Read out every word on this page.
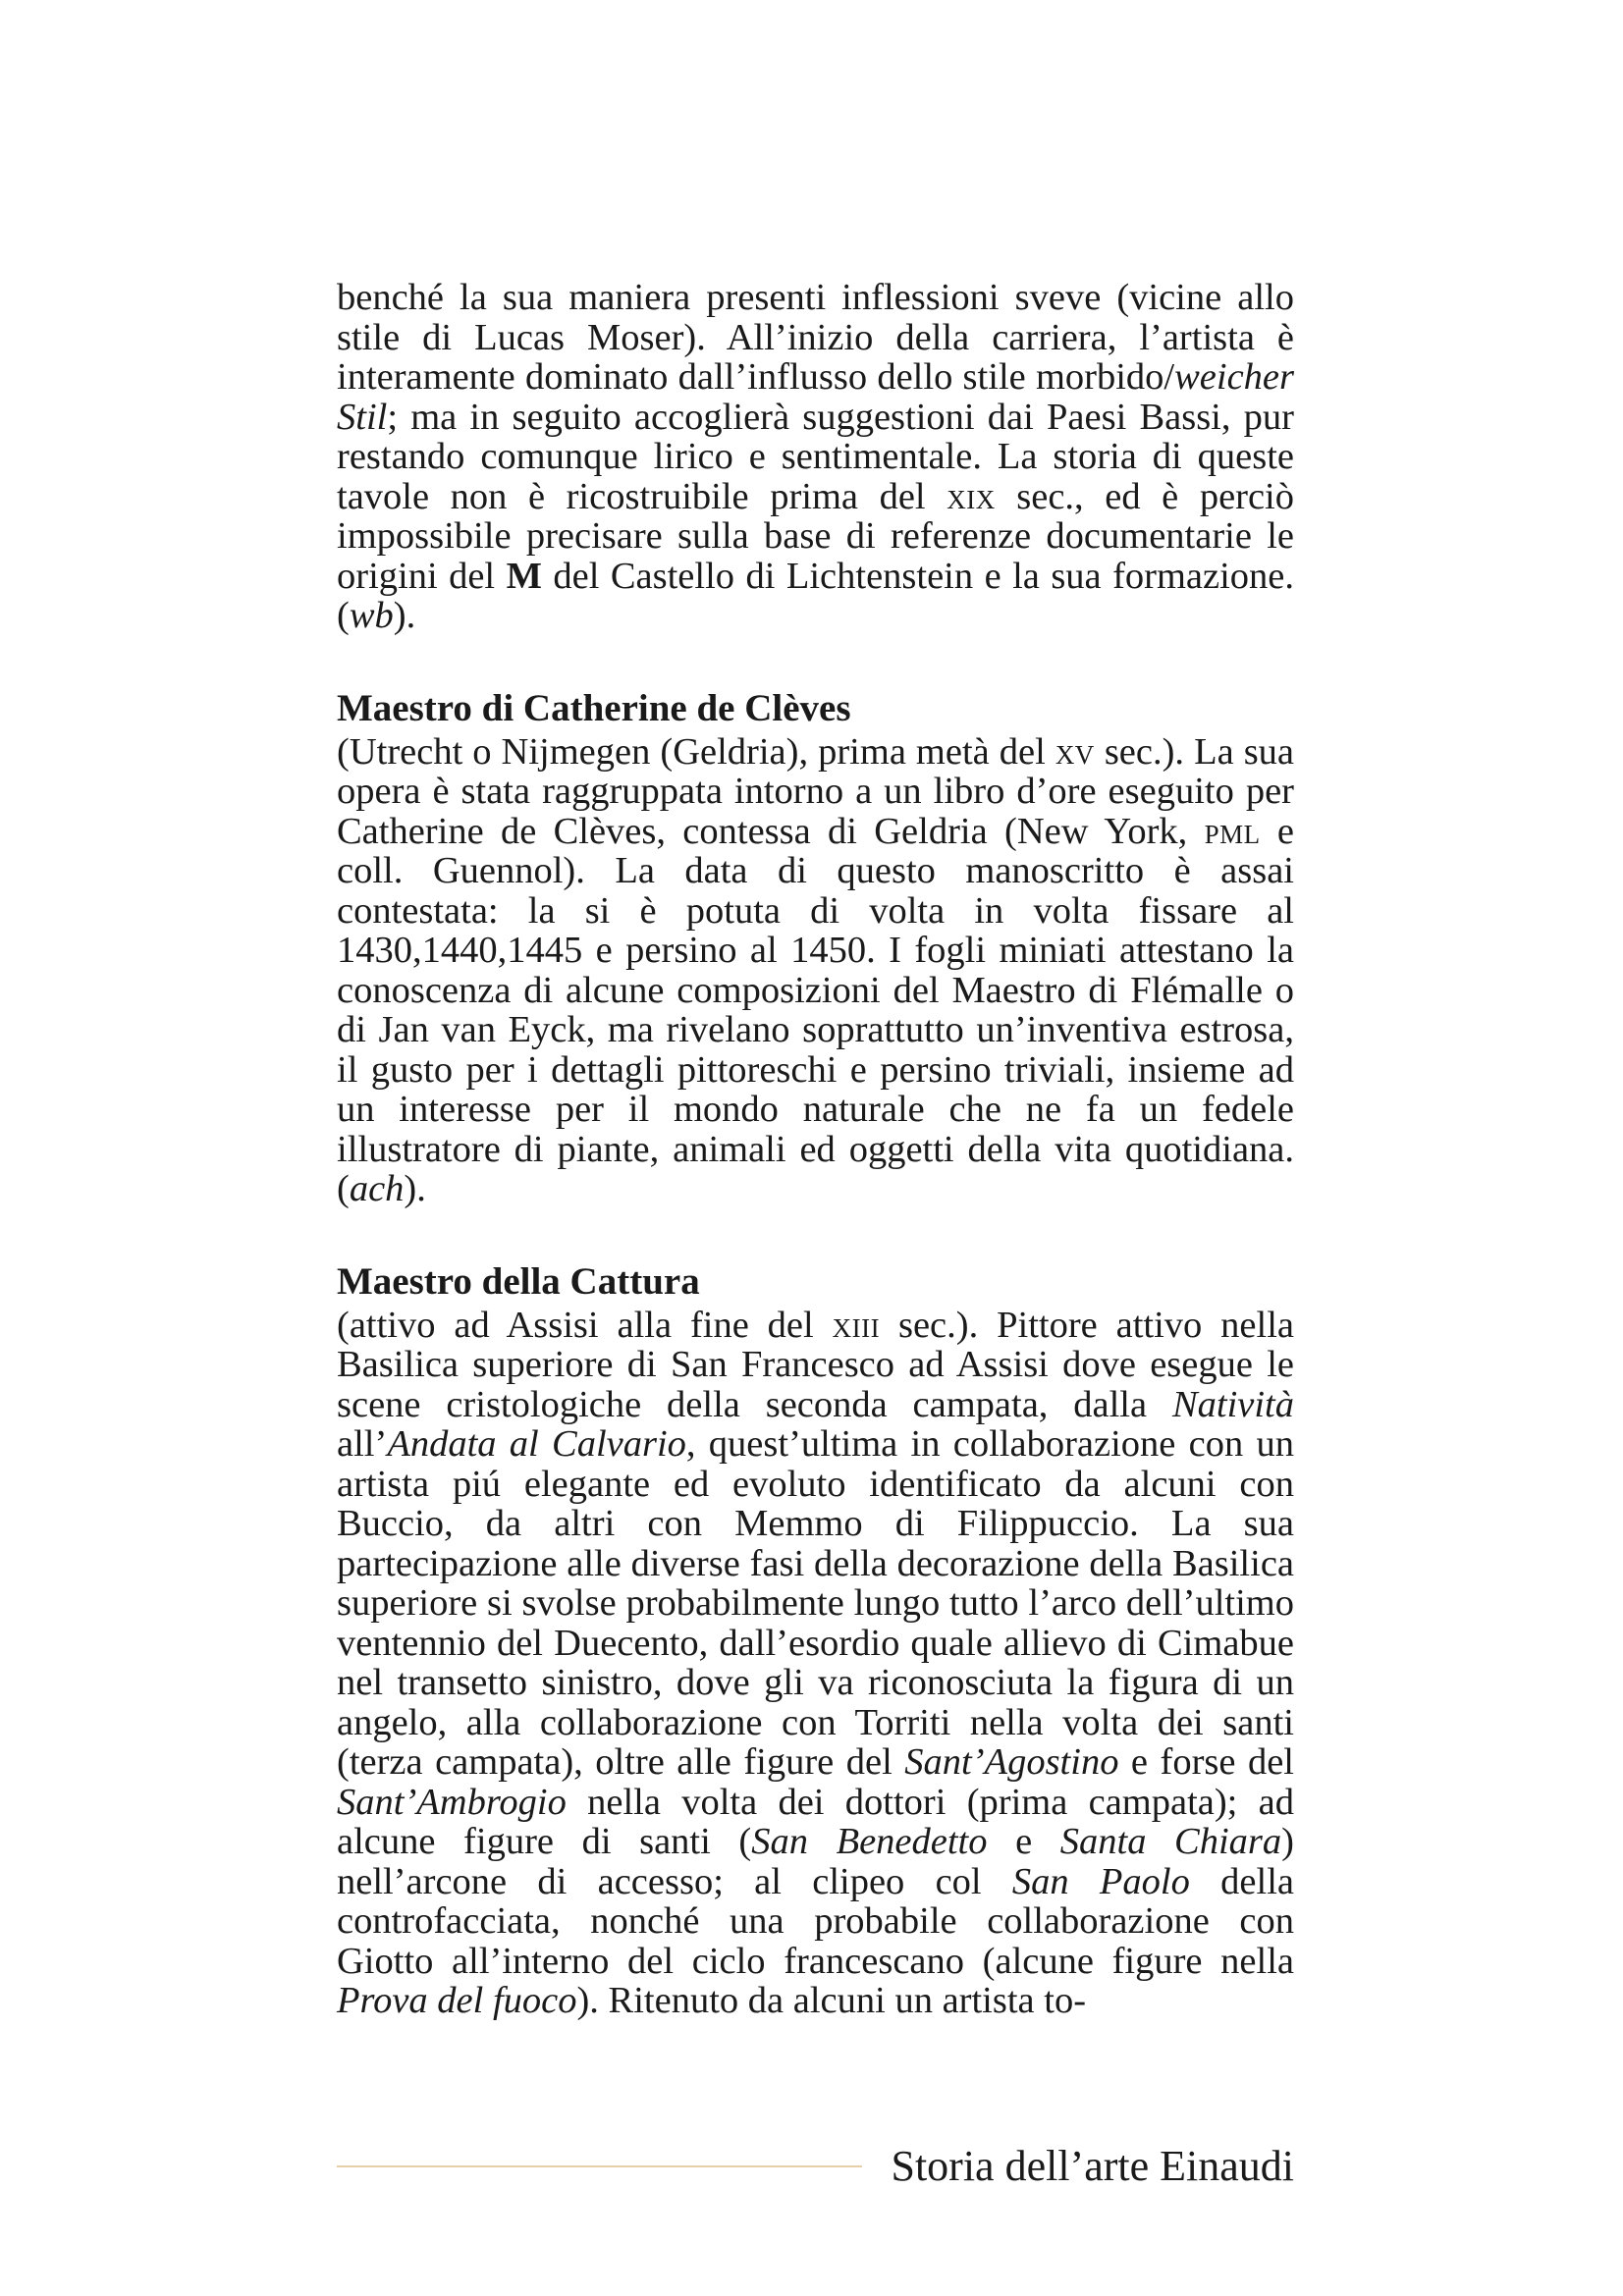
benché la sua maniera presenti inflessioni sveve (vicine allo stile di Lucas Moser). All’inizio della carriera, l’artista è interamente dominato dall’influsso dello stile morbido/weicher Stil; ma in seguito accoglierà suggestioni dai Paesi Bassi, pur restando comunque lirico e sentimentale. La storia di queste tavole non è ricostruibile prima del xix sec., ed è perciò impossibile precisare sulla base di referenze documentarie le origini del M del Castello di Lichtenstein e la sua formazione. (wb).

Maestro di Catherine de Clèves

(Utrecht o Nijmegen (Geldria), prima metà del xv sec.). La sua opera è stata raggruppata intorno a un libro d’ore eseguito per Catherine de Clèves, contessa di Geldria (New York, pml e coll. Guennol). La data di questo manoscritto è assai contestata: la si è potuta di volta in volta fissare al 1430,1440,1445 e persino al 1450. I fogli miniati attestano la conoscenza di alcune composizioni del Maestro di Flémalle o di Jan van Eyck, ma rivelano soprattutto un’inventiva estrosa, il gusto per i dettagli pittoreschi e persino triviali, insieme ad un interesse per il mondo naturale che ne fa un fedele illustratore di piante, animali ed oggetti della vita quotidiana. (ach).

Maestro della Cattura

(attivo ad Assisi alla fine del xiii sec.). Pittore attivo nella Basilica superiore di San Francesco ad Assisi dove esegue le scene cristologiche della seconda campata, dalla Natività all’Andata al Calvario, quest’ultima in collaborazione con un artista piú elegante ed evoluto identificato da alcuni con Buccio, da altri con Memmo di Filippuccio. La sua partecipazione alle diverse fasi della decorazione della Basilica superiore si svolse probabilmente lungo tutto l’arco dell’ultimo ventennio del Duecento, dall’esordio quale allievo di Cimabue nel transetto sinistro, dove gli va riconosciuta la figura di un angelo, alla collaborazione con Torriti nella volta dei santi (terza campata), oltre alle figure del Sant’Agostino e forse del Sant’Ambrogio nella volta dei dottori (prima campata); ad alcune figure di santi (San Benedetto e Santa Chiara) nell’arcone di accesso; al clipeo col San Paolo della controfacciata, nonché una probabile collaborazione con Giotto all’interno del ciclo francescano (alcune figure nella Prova del fuoco). Ritenuto da alcuni un artista to-

Storia dell’arte Einaudi
